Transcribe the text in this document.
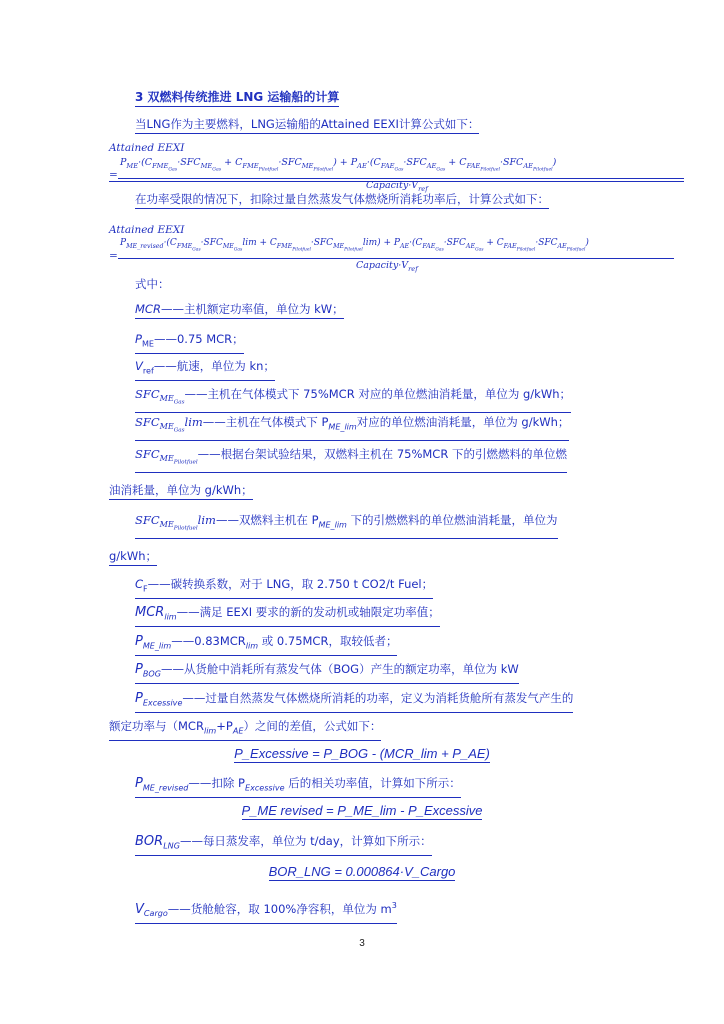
3 双燃料传统推进 LNG 运输船的计算
当LNG作为主要燃料，LNG运输船的Attained EEXI计算公式如下：
Attained EEXI
=
$P_{ME}\cdot(C_{FME_{Gas}}\cdot SFC_{ME_{Gas}} + C_{FME_{Pilotfuel}}\cdot SFC_{ME_{Pilotfuel}}) + P_{AE}\cdot(C_{FAE_{Gas}}\cdot SFC_{AE_{Gas}} + C_{FAE_{Pilotfuel}}\cdot SFC_{AE_{Pilotfuel}})$
$Capacity\cdot V_{ref}$
在功率受限的情况下，扣除过量自然蒸发气体燃烧所消耗功率后，计算公式如下：
Attained EEXI
=
$P_{ME\_revised}\cdot(C_{FME_{Gas}}\cdot SFC_{ME_{Gas}}\lim + C_{FME_{Pilotfuel}}\cdot SFC_{ME_{Pilotfuel}}\lim) + P_{AE}\cdot(C_{FAE_{Gas}}\cdot SFC_{AE_{Gas}} + C_{FAE_{Pilotfuel}}\cdot SFC_{AE_{Pilotfuel}})$
$Capacity\cdot V_{ref}$
式中：
MCR——主机额定功率值，单位为 kW；
$P_{ME}——0.75$ MCR；
$V_{ref}——$航速，单位为 kn；
$SFC_{ME_{Gas}}——$主机在气体模式下 75%MCR 对应的单位燃油消耗量，单位为 g/kWh；
$SFC_{ME_{Gas}}\lim——$主机在气体模式下 $P_{ME\_lim}$对应的单位燃油消耗量，单位为 g/kWh；
$SFC_{ME_{Pilotfuel}}——$根据台架试验结果，双燃料主机在 75%MCR 下的引燃燃料的单位燃
油消耗量，单位为 g/kWh；
$SFC_{ME_{Pilotfuel}}\lim——$双燃料主机在 $P_{ME\_lim}$ 下的引燃燃料的单位燃油消耗量，单位为
g/kWh；
$C_F——$碳转换系数，对于 LNG，取 2.750 t CO2/t Fuel；
$MCR_{lim}——$满足 EEXI 要求的新的发动机或轴限定功率值；
$P_{ME\_lim}——0.83MCR_{lim}$ 或 0.75MCR，取较低者；
$P_{BOG}——$从货舱中消耗所有蒸发气体（BOG）产生的额定功率，单位为 kW
$P_{Excessive}——$过量自然蒸发气体燃烧所消耗的功率，定义为消耗货舱所有蒸发气产生的
额定功率与$(MCR_{lim}+P_{AE})$之间的差值，公式如下：
P_Excessive = P_BOG - (MCR_lim + P_AE)
$P_{ME\_revised}——$扣除 $P_{Excessive}$ 后的相关功率值，计算如下所示：
P_ME revised = P_ME_lim - P_Excessive
$BOR_{LNG}——$每日蒸发率，单位为 t/day，计算如下所示：
BOR_LNG = 0.000864·V_Cargo
$V_{Cargo}——$货舱舱容，取 100%净容积，单位为 $m^3$
3
